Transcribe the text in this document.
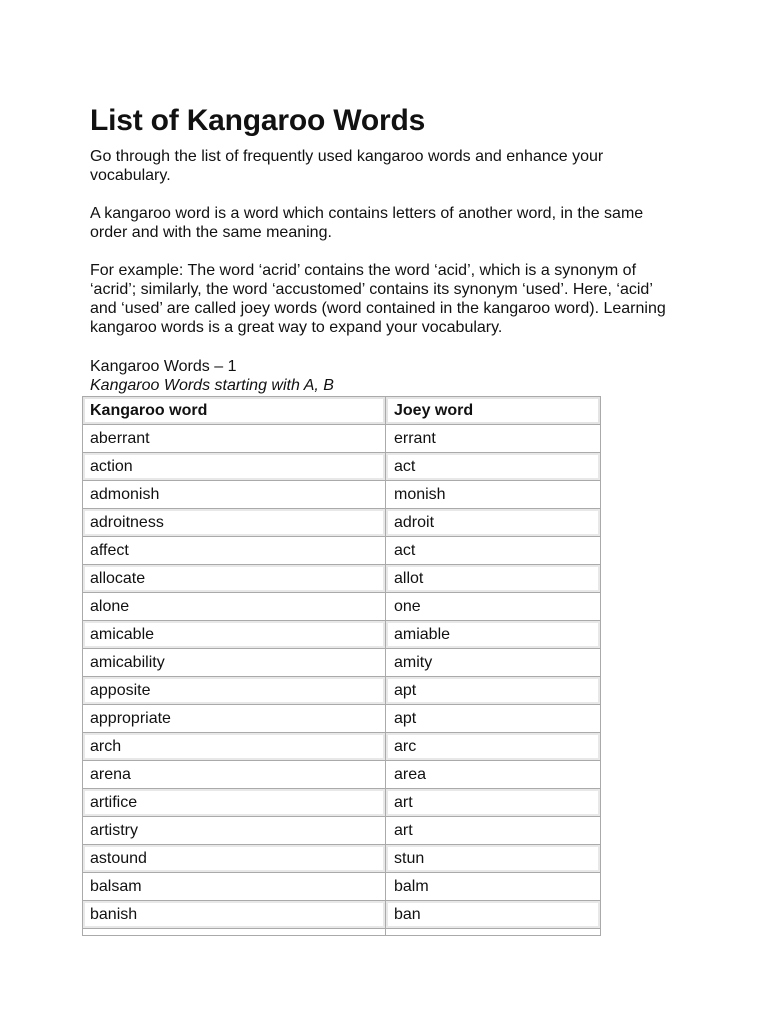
List of Kangaroo Words

Go through the list of frequently used kangaroo words and enhance your vocabulary.

A kangaroo word is a word which contains letters of another word, in the same order and with the same meaning.

For example: The word ‘acrid’ contains the word ‘acid’, which is a synonym of ‘acrid’; similarly, the word ‘accustomed’ contains its synonym ‘used’. Here, ‘acid’ and ‘used’ are called joey words (word contained in the kangaroo word). Learning kangaroo words is a great way to expand your vocabulary.

Kangaroo Words – 1

Kangaroo Words starting with A, B

Kangaroo word	Joey word
aberrant	errant
action	act
admonish	monish
adroitness	adroit
affect	act
allocate	allot
alone	one
amicable	amiable
amicability	amity
apposite	apt
appropriate	apt
arch	arc
arena	area
artifice	art
artistry	art
astound	stun
balsam	balm
banish	ban
